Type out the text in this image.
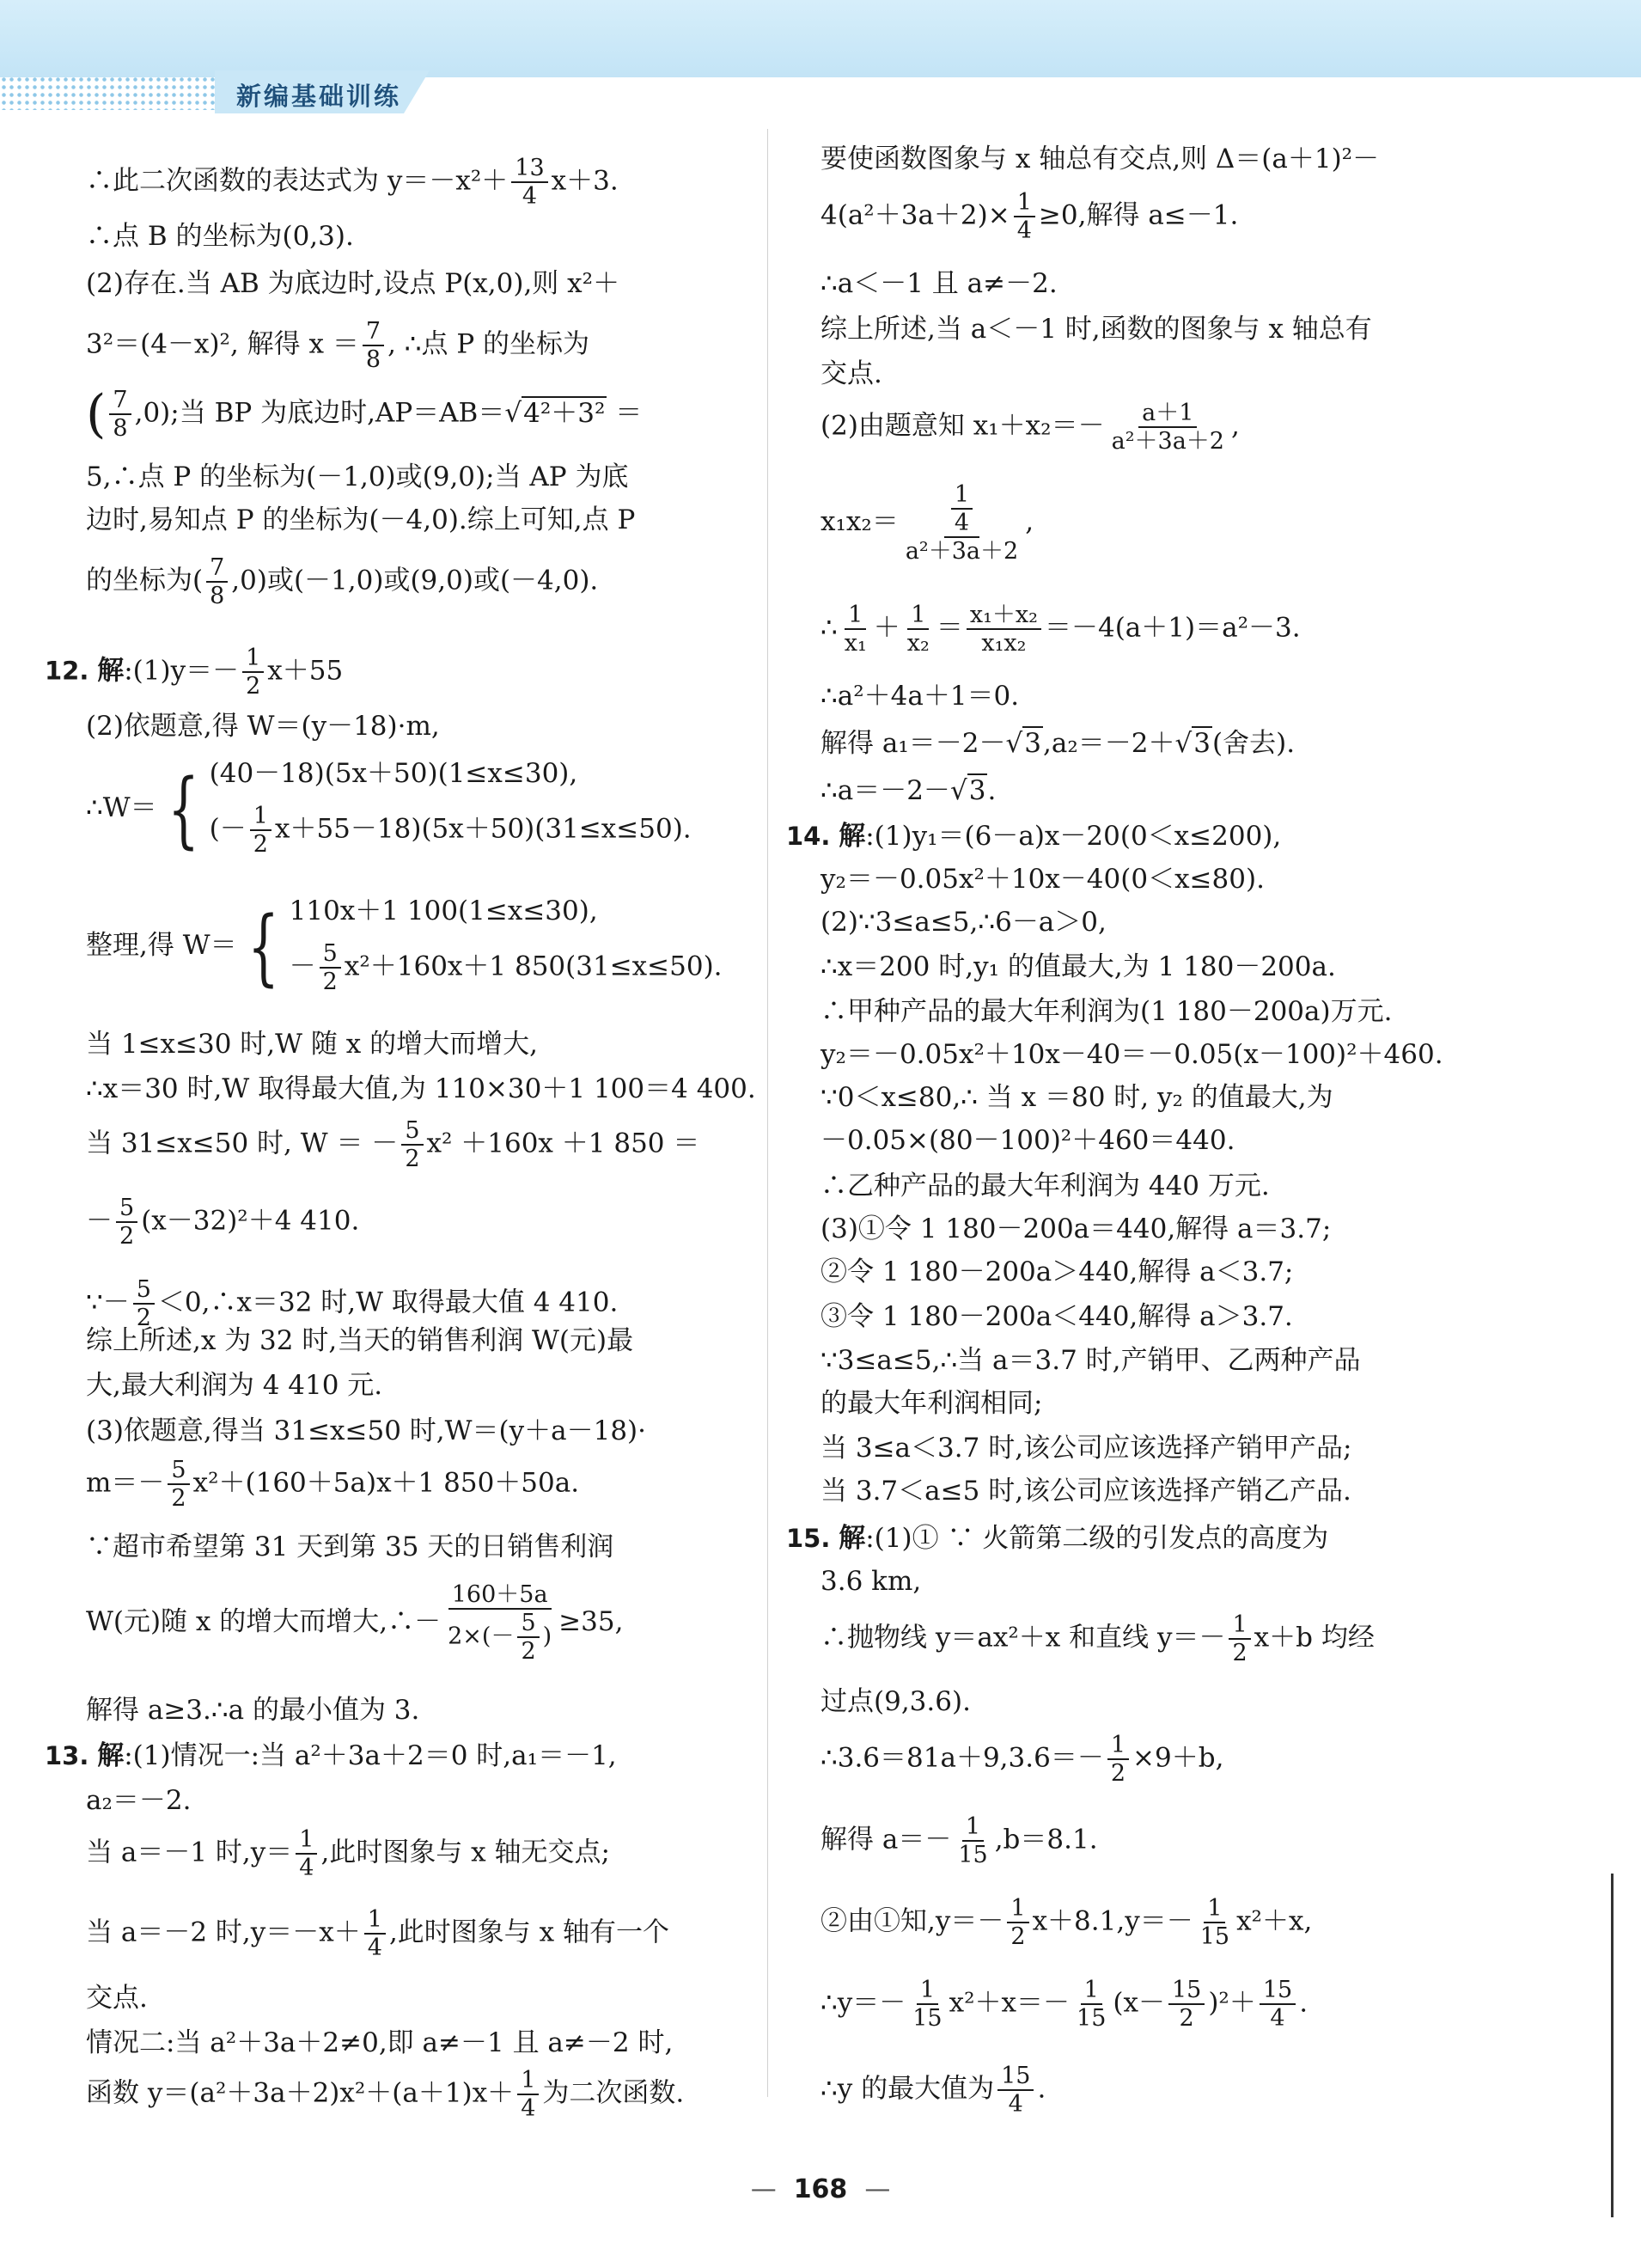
新编基础训练
∴此二次函数的表达式为 $y=-x^2+ \frac{13}{4} x+3$.
∴点 B 的坐标为(0,3).
(2)存在.当 AB 为底边时,设点 P(x,0),则 x²＋
3²＝(4－x)², 解得 $x = \frac{7}{8}$ , ∴点 P 的坐标为
( $\frac{7}{8} ,0$);当 BP 为底边时,AP＝AB＝√4²＋3² ＝
5,∴点 P 的坐标为(－1,0)或(9,0);当 AP 为底
边时,易知点 P 的坐标为(－4,0).综上可知,点 P
的坐标为( $\frac{7}{8} ,0$)或(－1,0)或(9,0)或(－4,0).
12. 解:(1)y＝－ $\frac{1}{2} x+55$
(2)依题意,得 W＝(y－18)·m,
∴W＝ { (40－18)(5x＋50)(1≤x≤30),
(－ $\frac{1}{2} x+55-18)(5x+50)(31\le x\le 50)$.
整理,得 W＝ { 110x＋1 100(1≤x≤30),
－ $\frac{5}{2} x^2+160x+1$ 850(31≤x≤50).
当 1≤x≤30 时,W 随 x 的增大而增大,
∴x＝30 时,W 取得最大值,为 110×30＋1 100＝4 400.
当 31≤x≤50 时, W ＝ － $\frac{5}{2} x^2 +160x +1$ 850 ＝
－ $\frac{5}{2} (x-32)^2+4$ 410.
∵－ $\frac{5}{2}$ ＜0,∴x＝32 时,W 取得最大值 4 410.
综上所述,x 为 32 时,当天的销售利润 W(元)最
大,最大利润为 4 410 元.
(3)依题意,得当 31≤x≤50 时,W＝(y＋a－18)·
$m=- \frac{5}{2} x^2+(160+5a)x+1$ 850＋50a.
∵超市希望第 31 天到第 35 天的日销售利润
W(元)随 x 的增大而增大,∴－ $\frac{160+5a}{2\times(- \frac{5}{2} )} \ge 35$,
解得 a≥3.∴a 的最小值为 3.
13. 解:(1)情况一:当 a²＋3a＋2＝0 时,a₁＝－1,
a₂＝－2.
当 a＝－1 时$,y= \frac{1}{4}$ ,此时图象与 x 轴无交点;
当 a＝－2 时$,y=-x+ \frac{1}{4}$ ,此时图象与 x 轴有一个
交点.
情况二:当 a²＋3a＋2≠0,即 a≠－1 且 a≠－2 时,
函数 $y=(a^2+3a+2)x^2+(a+1)x+ \frac{1}{4}$ 为二次函数.
要使函数图象与 x 轴总有交点,则 Δ＝(a＋1)²－
$4(a^2+3a+2)\times \frac{1}{4} \ge 0$,解得 a≤－1.
∴a＜－1 且 a≠－2.
综上所述,当 a＜－1 时,函数的图象与 x 轴总有
交点.
(2)由题意知 $x_1+x_2=- \frac{a+1}{\text{a²＋3a＋2}}$ ,
$x_1x_2= \frac{\frac{1}{4}}{\text{a²＋3a＋2}}$ ,
∴ $\frac{1}{\text{x₁}} + \frac{1}{\text{x₂}} = \frac{\text{x₁＋x₂}}{\text{x₁x₂}} =-4(a+1)=a^2-3$.
∴a²＋4a＋1＝0.
解得 a₁＝－2－√3,a₂＝－2＋√3(舍去).
∴a＝－2－√3.
14. 解:(1)y₁＝(6－a)x－20(0＜x≤200),
y₂＝－0.05x²＋10x－40(0＜x≤80).
(2)∵3≤a≤5,∴6－a＞0,
∴x＝200 时,y₁ 的值最大,为 1 180－200a.
∴甲种产品的最大年利润为(1 180－200a)万元.
y₂＝－0.05x²＋10x－40＝－0.05(x－100)²＋460.
∵0＜x≤80,∴ 当 x ＝80 时, y₂ 的值最大,为
－0.05×(80－100)²＋460＝440.
∴乙种产品的最大年利润为 440 万元.
(3)①令 1 180－200a＝440,解得 a＝3.7;
②令 1 180－200a＞440,解得 a＜3.7;
③令 1 180－200a＜440,解得 a＞3.7.
∵3≤a≤5,∴当 a＝3.7 时,产销甲、乙两种产品
的最大年利润相同;
当 3≤a＜3.7 时,该公司应该选择产销甲产品;
当 3.7＜a≤5 时,该公司应该选择产销乙产品.
15. 解:(1)① ∵ 火箭第二级的引发点的高度为
3.6 km,
∴抛物线 y＝ax²＋x 和直线 $y=- \frac{1}{2} x+b$ 均经
过点(9,3.6).
∴3.6＝81a＋9,3.6＝－ $\frac{1}{2} \times 9+b$,
解得 $a=- \frac{1}{15} ,b=8.1$.
②由①知$,y=- \frac{1}{2} x+8.1,y=- \frac{1}{15} x^2+x$,
∴y＝－ $\frac{1}{15} x^2+x=- \frac{1}{15} (x- \frac{15}{2} )^2+ \frac{15}{4}$ .
∴y 的最大值为 $\frac{15}{4}$ .
— 168 —
